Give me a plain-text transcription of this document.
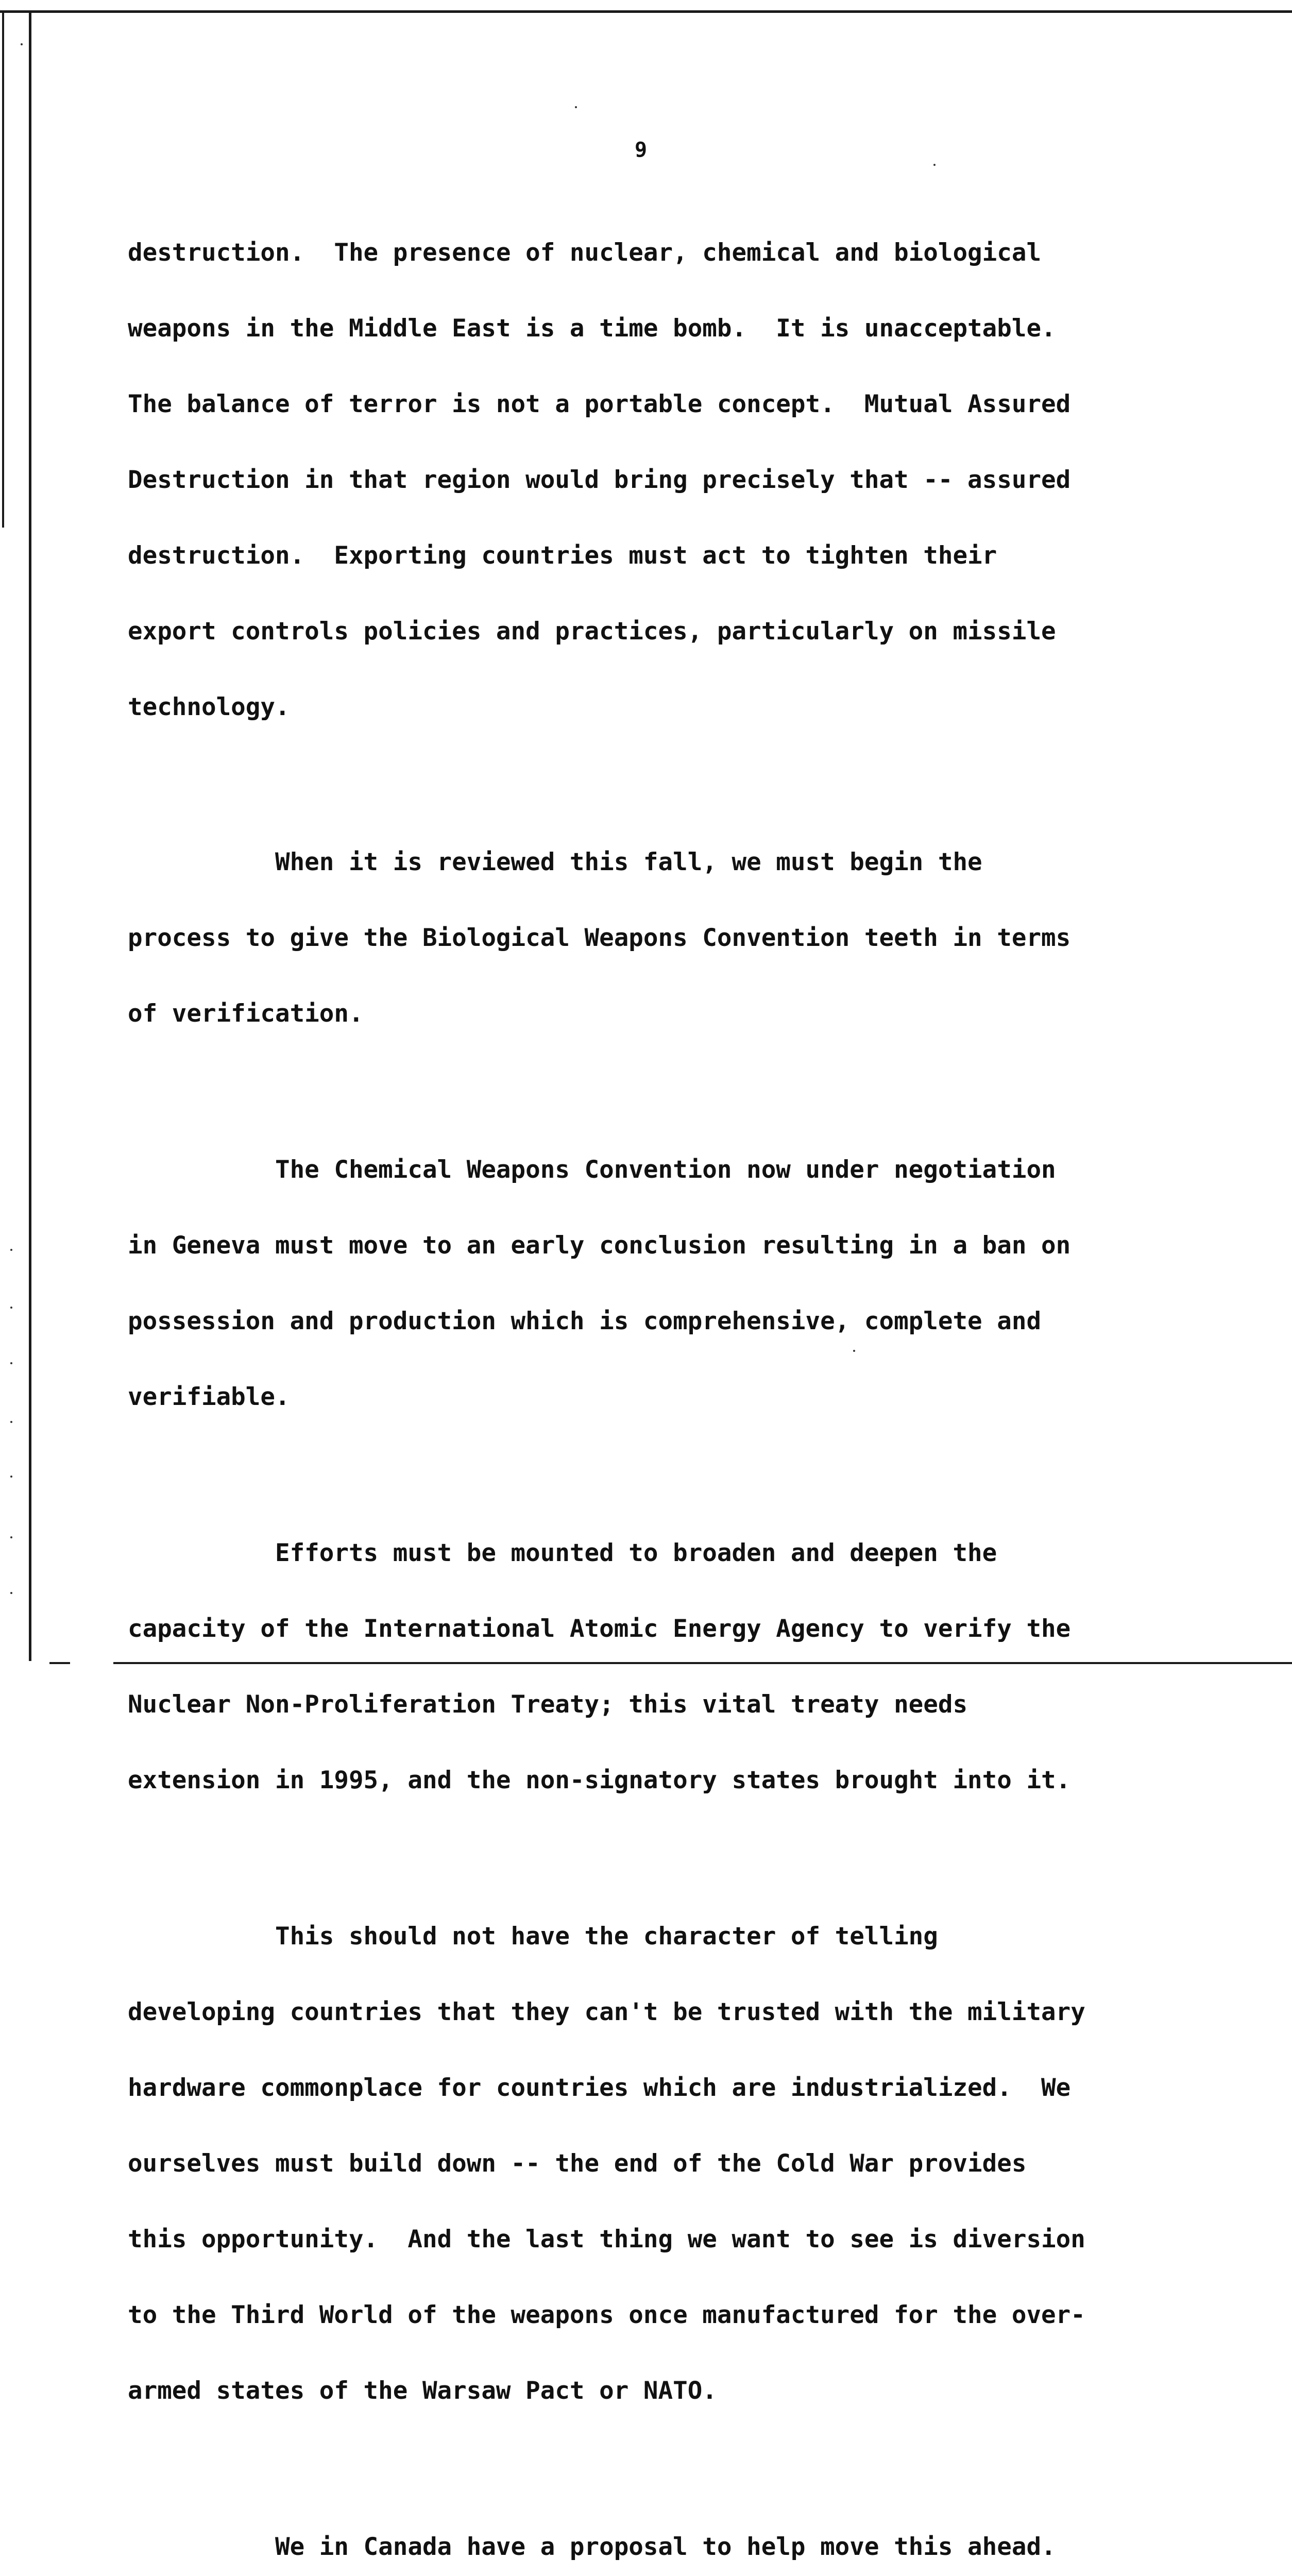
9

destruction.  The presence of nuclear, chemical and biological

weapons in the Middle East is a time bomb.  It is unacceptable.

The balance of terror is not a portable concept.  Mutual Assured

Destruction in that region would bring precisely that -- assured

destruction.  Exporting countries must act to tighten their

export controls policies and practices, particularly on missile

technology.

When it is reviewed this fall, we must begin the

process to give the Biological Weapons Convention teeth in terms

of verification.

The Chemical Weapons Convention now under negotiation

in Geneva must move to an early conclusion resulting in a ban on

possession and production which is comprehensive, complete and

verifiable.

Efforts must be mounted to broaden and deepen the

capacity of the International Atomic Energy Agency to verify the

Nuclear Non-Proliferation Treaty; this vital treaty needs

extension in 1995, and the non-signatory states brought into it.

This should not have the character of telling

developing countries that they can't be trusted with the military

hardware commonplace for countries which are industrialized.  We

ourselves must build down -- the end of the Cold War provides

this opportunity.  And the last thing we want to see is diversion

to the Third World of the weapons once manufactured for the over-

armed states of the Warsaw Pact or NATO.

We in Canada have a proposal to help move this ahead.
